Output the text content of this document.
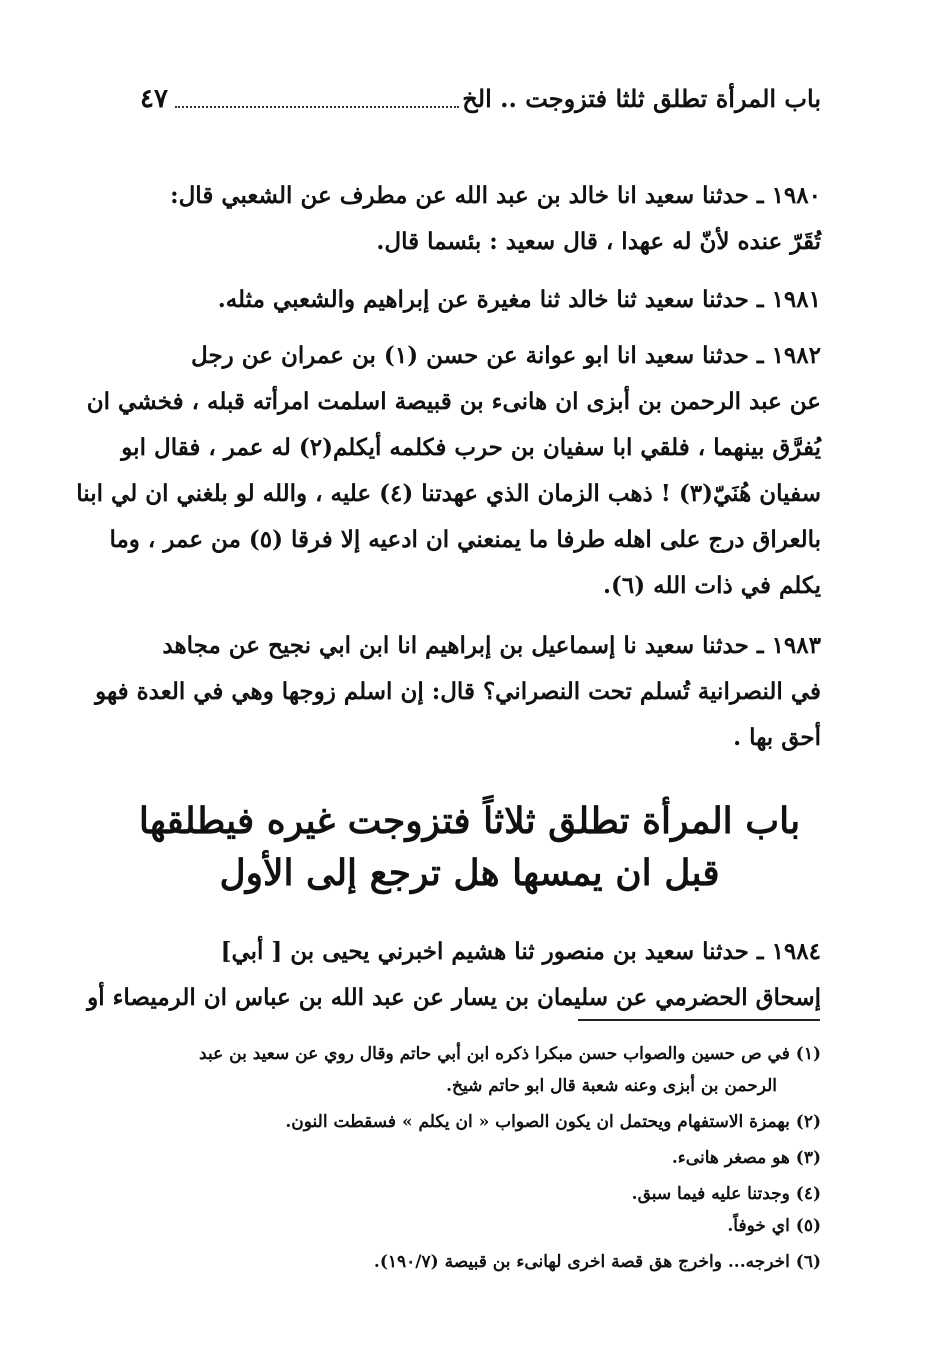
باب المرأة تطلق ثلثا فتزوجت .. الخ
٤٧
١٩٨٠ ـ حدثنا سعيد انا خالد بن عبد الله عن مطرف عن الشعبي قال:
تُقَرّ عنده لأنّ له عهدا ، قال سعيد : بئسما قال.
١٩٨١ ـ حدثنا سعيد ثنا خالد ثنا مغيرة عن إبراهيم والشعبي مثله.
١٩٨٢ ـ حدثنا سعيد انا ابو عوانة عن حسن (١) بن عمران عن رجل
عن عبد الرحمن بن أبزى ان هانىء بن قبيصة اسلمت امرأته قبله ، فخشي ان
يُفرَّق بينهما ، فلقي ابا سفيان بن حرب فكلمه أيكلم(٢) له عمر ، فقال ابو
سفيان هُنَيّ(٣) ! ذهب الزمان الذي عهدتنا (٤) عليه ، والله لو بلغني ان لي ابنا
بالعراق درج على اهله طرفا ما يمنعني ان ادعيه إلا فرقا (٥) من عمر ، وما
يكلم في ذات الله (٦).
١٩٨٣ ـ حدثنا سعيد نا إسماعيل بن إبراهيم انا ابن ابي نجيح عن مجاهد
في النصرانية تُسلم تحت النصراني؟ قال: إن اسلم زوجها وهي في العدة فهو
أحق بها .
باب المرأة تطلق ثلاثاً فتزوجت غيره فيطلقها
قبل ان يمسها هل ترجع إلى الأول
١٩٨٤ ـ حدثنا سعيد بن منصور ثنا هشيم اخبرني يحيى بن [ أبي]
إسحاق الحضرمي عن سليمان بن يسار عن عبد الله بن عباس ان الرميصاء أو
(١) في ص حسين والصواب حسن مبكرا ذكره ابن أبي حاتم وقال روي عن سعيد بن عبد
الرحمن بن أبزى وعنه شعبة قال ابو حاتم شيخ.
(٢) بهمزة الاستفهام ويحتمل ان يكون الصواب « ان يكلم » فسقطت النون.
(٣) هو مصغر هانىء.
(٤) وجدتنا عليه فيما سبق.
(٥) اي خوفاً.
(٦) اخرجه... واخرج هق قصة اخرى لهانىء بن قبيصة (١٩٠/٧).
